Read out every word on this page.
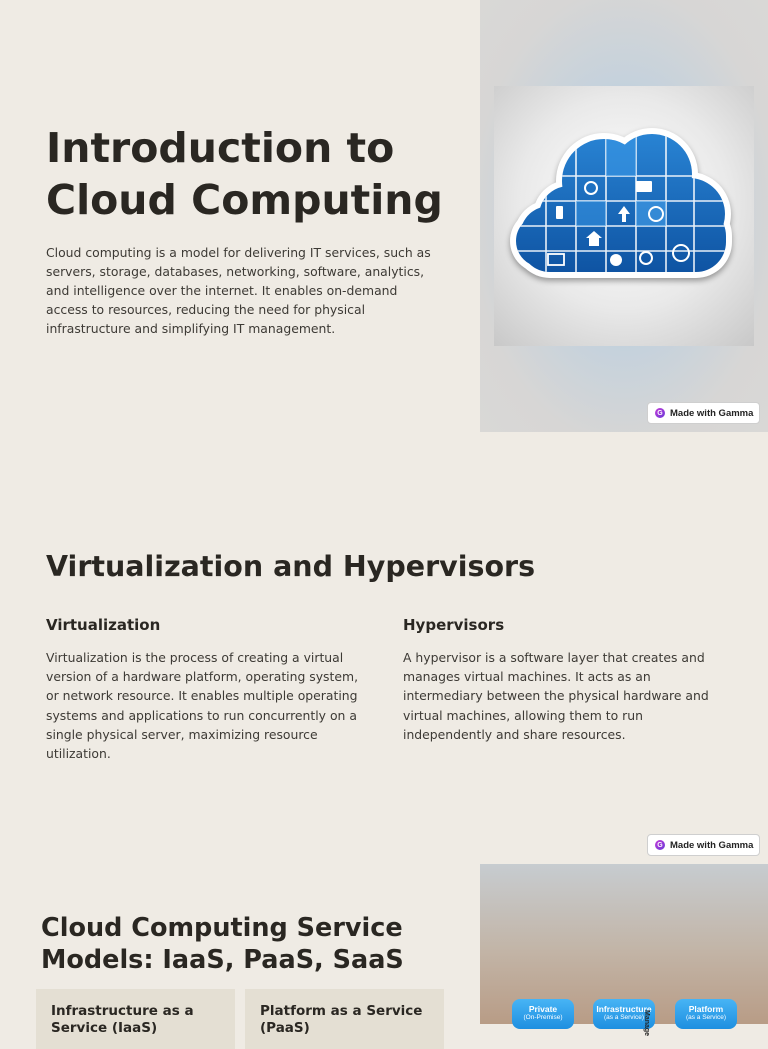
Introduction to Cloud Computing

Cloud computing is a model for delivering IT services, such as servers, storage, databases, networking, software, analytics, and intelligence over the internet. It enables on-demand access to resources, reducing the need for physical infrastructure and simplifying IT management.

G Made with Gamma
Virtualization and Hypervisors
Virtualization

Virtualization is the process of creating a virtual version of a hardware platform, operating system, or network resource. It enables multiple operating systems and applications to run concurrently on a single physical server, maximizing resource utilization.

Hypervisors

A hypervisor is a software layer that creates and manages virtual machines. It acts as an intermediary between the physical hardware and virtual machines, allowing them to run independently and share resources.

G Made with Gamma
Cloud Computing Service Models: IaaS, PaaS, SaaS
Infrastructure as a Service (IaaS)
Platform as a Service (PaaS)
Private
(On-Premise)
Infrastructure
(as a Service)
Manage
Platform
(as a Service)
